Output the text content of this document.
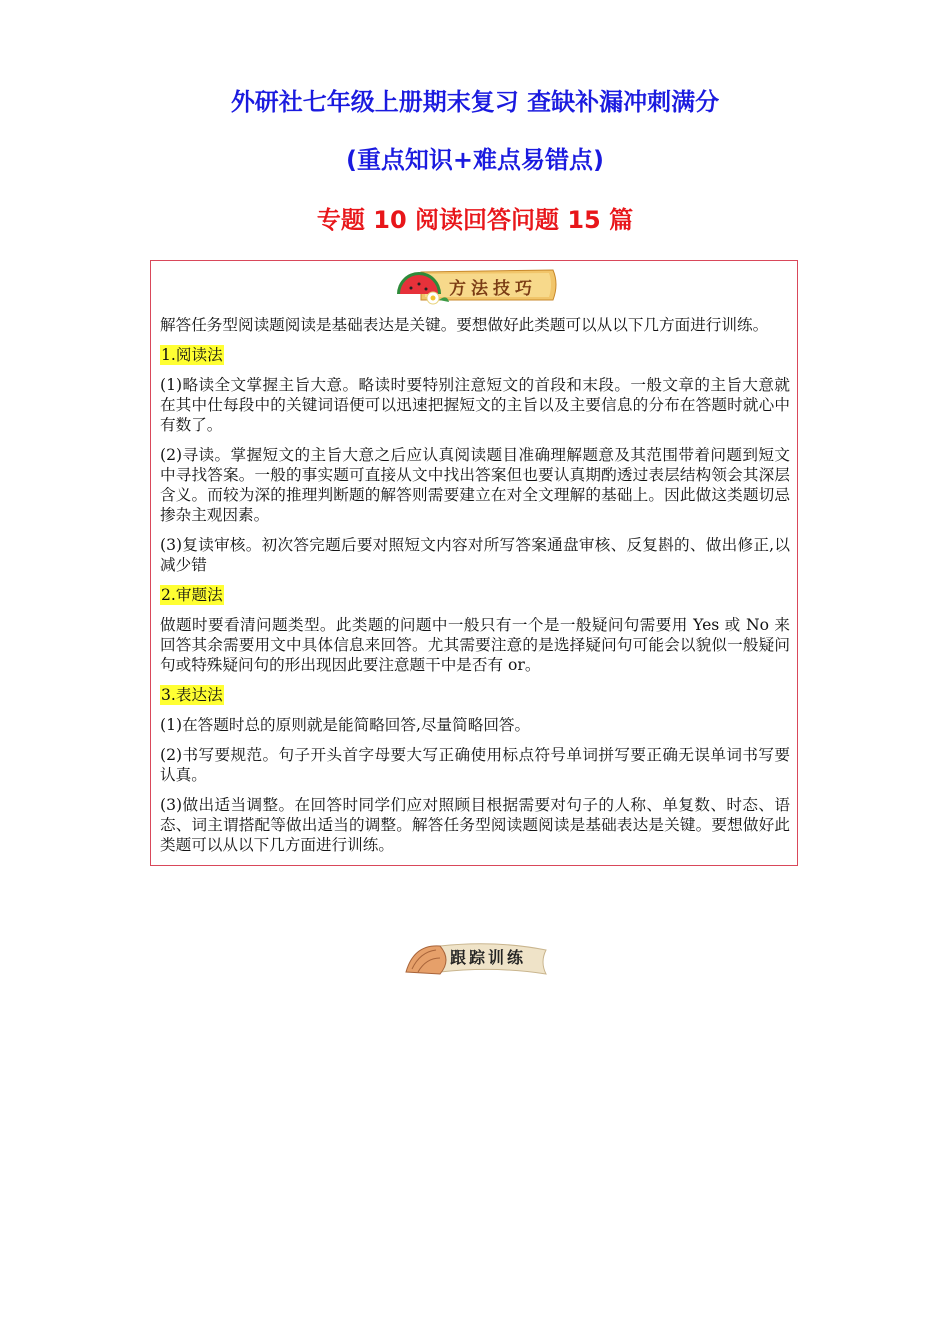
外研社七年级上册期末复习 查缺补漏冲刺满分
(重点知识+难点易错点)
专题 10 阅读回答问题 15 篇
方法技巧

解答任务型阅读题阅读是基础表达是关键。要想做好此类题可以从以下几方面进行训练。

1.阅读法

(1)略读全文掌握主旨大意。略读时要特别注意短文的首段和末段。一般文章的主旨大意就在其中仕每段中的关键词语便可以迅速把握短文的主旨以及主要信息的分布在答题时就心中有数了。

(2)寻读。掌握短文的主旨大意之后应认真阅读题目准确理解题意及其范围带着问题到短文中寻找答案。一般的事实题可直接从文中找出答案但也要认真期酌透过表层结构领会其深层含义。而较为深的推理判断题的解答则需要建立在对全文理解的基础上。因此做这类题切忌掺杂主观因素。

(3)复读审核。初次答完题后要对照短文内容对所写答案通盘审核、反复斟的、做出修正,以减少错

2.审题法

做题时要看清问题类型。此类题的问题中一般只有一个是一般疑问句需要用 Yes 或 No 来回答其余需要用文中具体信息来回答。尤其需要注意的是选择疑问句可能会以貌似一般疑问句或特殊疑问句的形出现因此要注意题干中是否有 or。

3.表达法

(1)在答题时总的原则就是能简略回答,尽量简略回答。

(2)书写要规范。句子开头首字母要大写正确使用标点符号单词拼写要正确无误单词书写要认真。

(3)做出适当调整。在回答时同学们应对照顾目根据需要对句子的人称、单复数、时态、语态、词主谓搭配等做出适当的调整。解答任务型阅读题阅读是基础表达是关键。要想做好此类题可以从以下几方面进行训练。

跟踪训练
